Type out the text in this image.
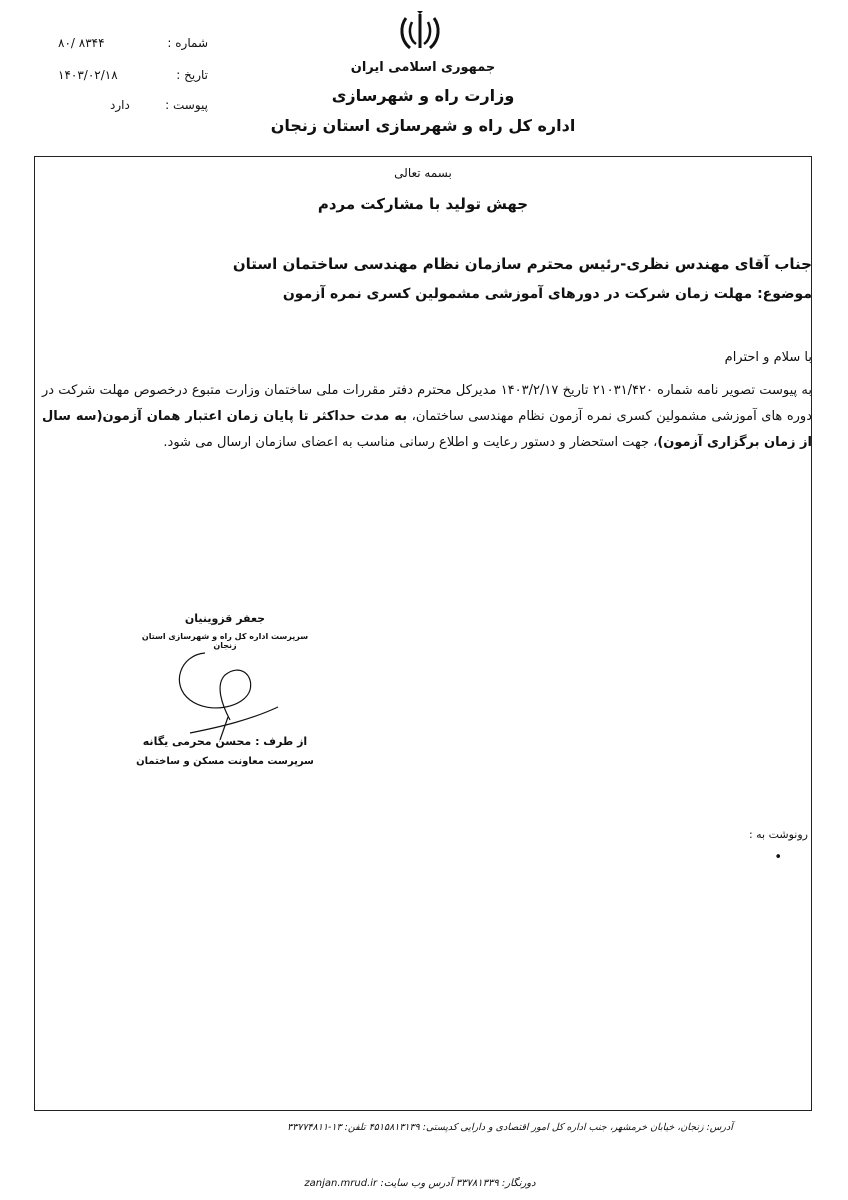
شماره :
۸۳۴۴ /۸۰
تاریخ :
۱۴۰۳/۰۲/۱۸
پیوست :
دارد
جمهوری اسلامی ایران
وزارت راه و شهرسازی
اداره کل راه و شهرسازی استان زنجان
بسمه تعالی
جهش تولید با مشارکت مردم
جناب آقای مهندس نظری-رئیس محترم سازمان نظام مهندسی ساختمان استان
موضوع: مهلت زمان شرکت در دورهای آموزشی مشمولین کسری نمره آزمون
با سلام و احترام
به پیوست تصویر نامه شماره ۲۱۰۳۱/۴۲۰ تاریخ ۱۴۰۳/۲/۱۷ مدیرکل محترم دفتر مقررات ملی ساختمان وزارت متبوع درخصوص مهلت شرکت در دوره های آموزشی مشمولین کسری نمره آزمون نظام مهندسی ساختمان، به مدت حداکثر تا پایان زمان اعتبار همان آزمون(سه سال از زمان برگزاری آزمون)، جهت استحضار و دستور رعایت و اطلاع رسانی مناسب به اعضای سازمان ارسال می شود.
جعفر قزوینیان
سرپرست اداره کل راه و شهرسازی استان زنجان
از طرف : محسن محرمی یگانه
سرپرست معاونت مسکن و ساختمان
رونوشت به :
•
آدرس: زنجان، خیابان خرمشهر، جنب اداره کل امور اقتصادی و دارایی کدپستی: ۴۵۱۵۸۱۳۱۳۹ تلفن: ۱۳-۳۳۷۷۴۸۱۱
دورنگار: ۳۳۷۸۱۳۳۹ آدرس وب سایت: zanjan.mrud.ir
